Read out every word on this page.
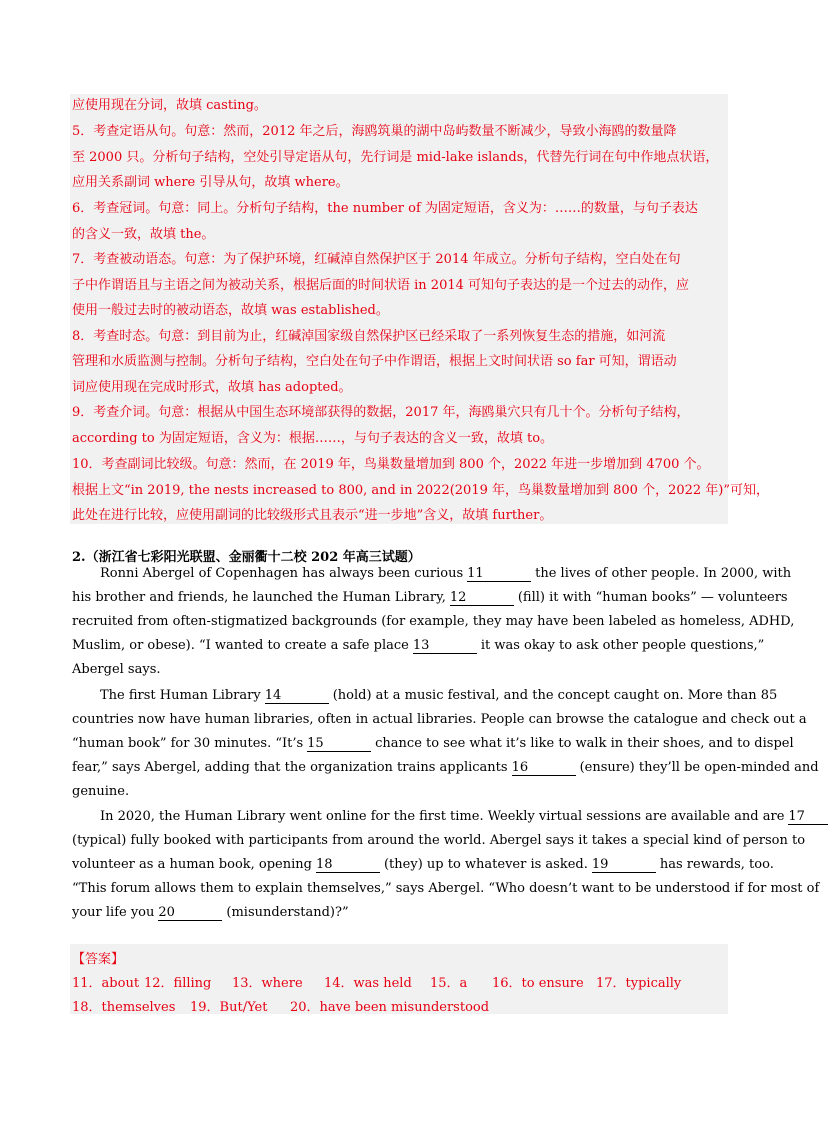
应使用现在分词，故填 casting。
5．考查定语从句。句意：然而，2012 年之后，海鸥筑巢的湖中岛屿数量不断减少，导致小海鸥的数量降
至 2000 只。分析句子结构，空处引导定语从句，先行词是 mid-lake islands，代替先行词在句中作地点状语，
应用关系副词 where 引导从句，故填 where。
6．考查冠词。句意：同上。分析句子结构，the number of 为固定短语，含义为：……的数量，与句子表达
的含义一致，故填 the。
7．考查被动语态。句意：为了保护环境，红碱淖自然保护区于 2014 年成立。分析句子结构，空白处在句
子中作谓语且与主语之间为被动关系，根据后面的时间状语 in 2014 可知句子表达的是一个过去的动作，应
使用一般过去时的被动语态，故填 was established。
8．考查时态。句意：到目前为止，红碱淖国家级自然保护区已经采取了一系列恢复生态的措施，如河流
管理和水质监测与控制。分析句子结构，空白处在句子中作谓语，根据上文时间状语 so far 可知，谓语动
词应使用现在完成时形式，故填 has adopted。
9．考查介词。句意：根据从中国生态环境部获得的数据，2017 年，海鸥巢穴只有几十个。分析句子结构，
according to 为固定短语，含义为：根据……，与句子表达的含义一致，故填 to。
10．考查副词比较级。句意：然而，在 2019 年，鸟巢数量增加到 800 个，2022 年进一步增加到 4700 个。
根据上文“in 2019, the nests increased to 800, and in 2022(2019 年，鸟巢数量增加到 800 个，2022 年)”可知，
此处在进行比较，应使用副词的比较级形式且表示“进一步地”含义，故填 further。
2.（浙江省七彩阳光联盟、金丽衢十二校 202 年高三试题）
Ronni Abergel of Copenhagen has always been curious 11	the lives of other people. In 2000, with
his brother and friends, he launched the Human Library, 12	(fill) it with “human books” — volunteers
recruited from often-stigmatized backgrounds (for example, they may have been labeled as homeless, ADHD,
Muslim, or obese). “I wanted to create a safe place 13	it was okay to ask other people questions,”
Abergel says.
The first Human Library 14	(hold) at a music festival, and the concept caught on. More than 85
countries now have human libraries, often in actual libraries. People can browse the catalogue and check out a
“human book” for 30 minutes. “It’s 15	chance to see what it’s like to walk in their shoes, and to dispel
fear,” says Abergel, adding that the organization trains applicants 16	(ensure) they’ll be open-minded and
genuine.
In 2020, the Human Library went online for the first time. Weekly virtual sessions are available and are 17
(typical) fully booked with participants from around the world. Abergel says it takes a special kind of person to
volunteer as a human book, opening 18	(they) up to whatever is asked. 19	has rewards, too.
“This forum allows them to explain themselves,” says Abergel. “Who doesn’t want to be understood if for most of
your life you 20	(misunderstand)?”
【答案】
11．about 12．filling 13．where 14．was held 15．a 16．to ensure 17．typically
18．themselves 19．But/Yet 20．have been misunderstood
